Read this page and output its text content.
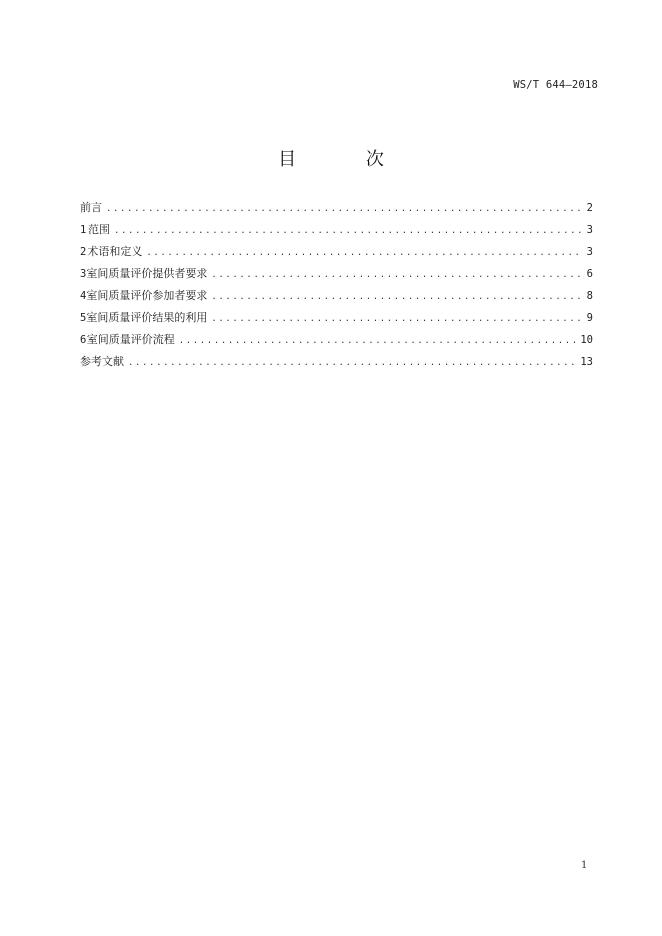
WS/T 644—2018
目 次
前言 .....	2
1 范围 .....	3
2 术语和定义 .....	3
3 室间质量评价提供者要求 .....	6
4 室间质量评价参加者要求 .....	8
5 室间质量评价结果的利用 .....	9
6 室间质量评价流程 .....	10
参考文献 .....	13
1
